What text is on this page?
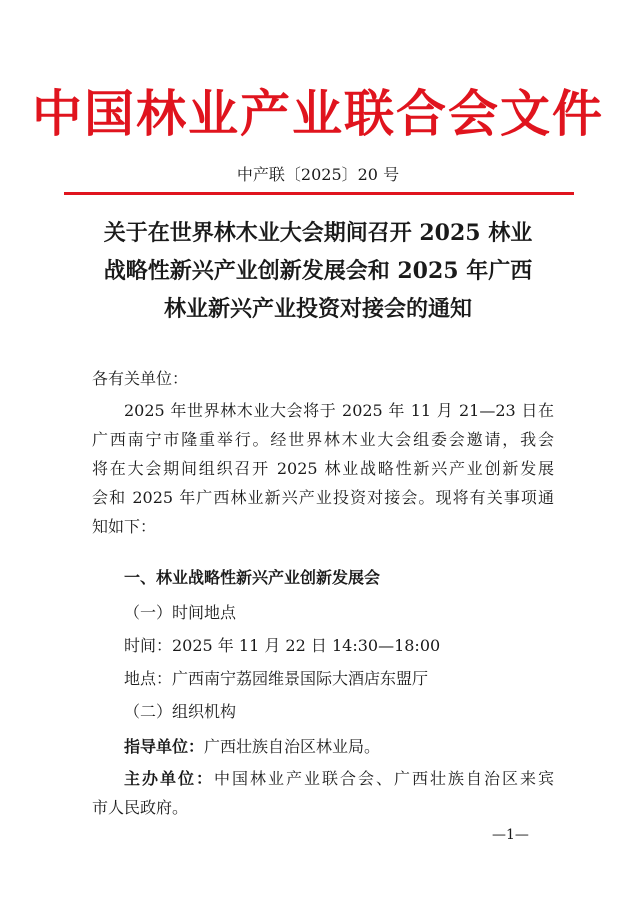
中国林业产业联合会文件
中产联〔2025〕20 号
关于在世界林木业大会期间召开 2025 林业
战略性新兴产业创新发展会和 2025 年广西
林业新兴产业投资对接会的通知
各有关单位：
2025 年世界林木业大会将于 2025 年 11 月 21—23 日在
广西南宁市隆重举行。经世界林木业大会组委会邀请，我会
将在大会期间组织召开 2025 林业战略性新兴产业创新发展
会和 2025 年广西林业新兴产业投资对接会。现将有关事项通
知如下：
一、林业战略性新兴产业创新发展会
（一）时间地点
时间：2025 年 11 月 22 日 14:30—18:00
地点：广西南宁荔园维景国际大酒店东盟厅
（二）组织机构
指导单位：广西壮族自治区林业局。
主办单位：中国林业产业联合会、广西壮族自治区来宾
市人民政府。
—1—
